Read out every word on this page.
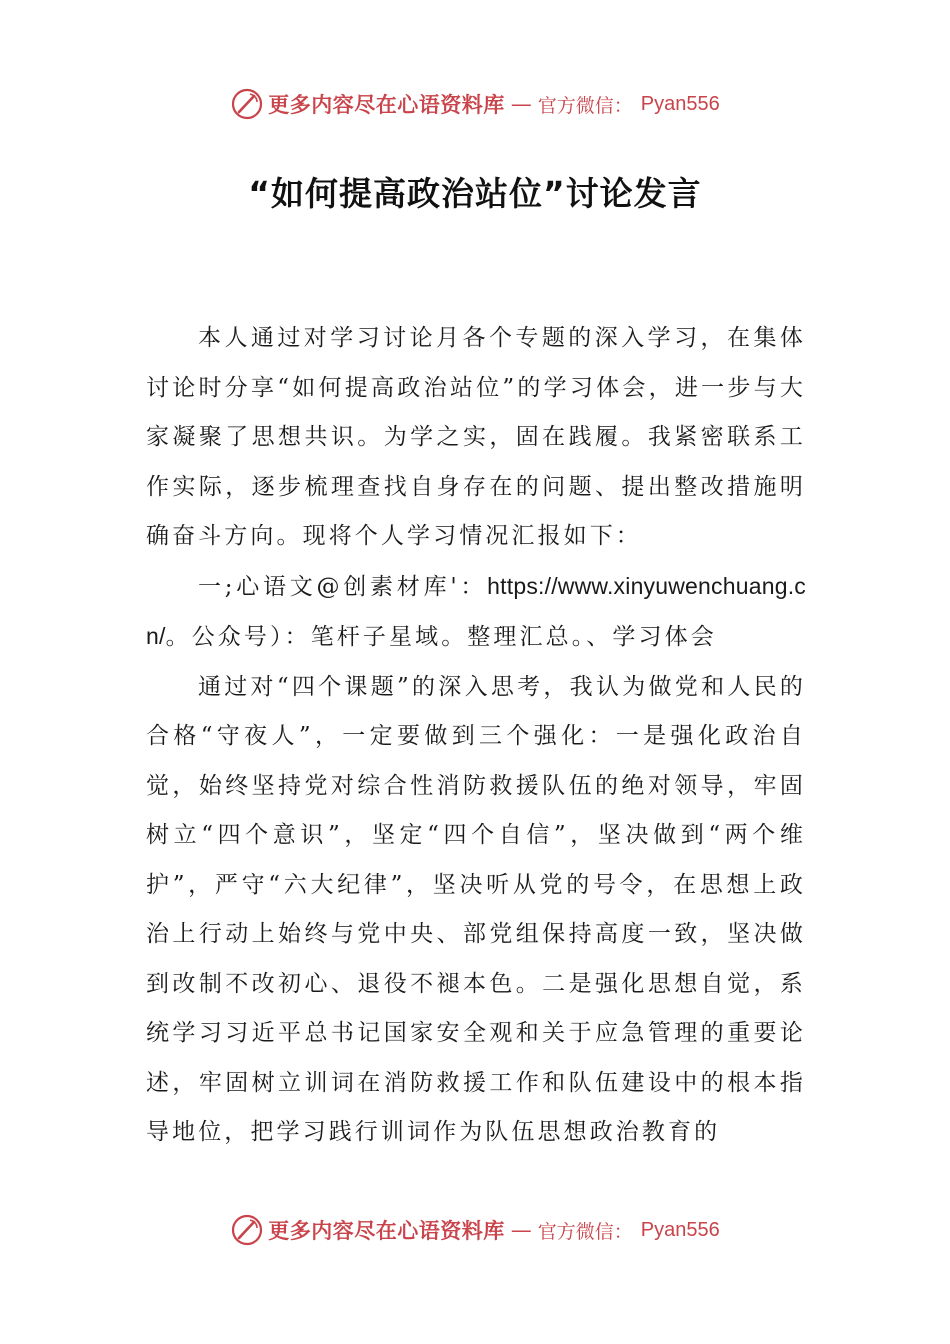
更多内容尽在心语资料库 — 官方微信： Pyan556
“如何提高政治站位”讨论发言

本人通过对学习讨论月各个专题的深入学习，在集体讨论时分享“如何提高政治站位”的学习体会，进一步与大家凝聚了思想共识。为学之实，固在践履。我紧密联系工作实际，逐步梳理查找自身存在的问题、提出整改措施明确奋斗方向。现将个人学习情况汇报如下：

一;心语文@创素材库'：https://www.xinyuwenchuang.cn/。公众号）：笔杆子星域。整理汇总。、学习体会

通过对“四个课题”的深入思考，我认为做党和人民的合格“守夜人”，一定要做到三个强化：一是强化政治自觉，始终坚持党对综合性消防救援队伍的绝对领导，牢固树立“四个意识”，坚定“四个自信”，坚决做到“两个维护”，严守“六大纪律”，坚决听从党的号令，在思想上政治上行动上始终与党中央、部党组保持高度一致，坚决做到改制不改初心、退役不褪本色。二是强化思想自觉，系统学习习近平总书记国家安全观和关于应急管理的重要论述，牢固树立训词在消防救援工作和队伍建设中的根本指导地位，把学习践行训词作为队伍思想政治教育的

更多内容尽在心语资料库 — 官方微信： Pyan556
